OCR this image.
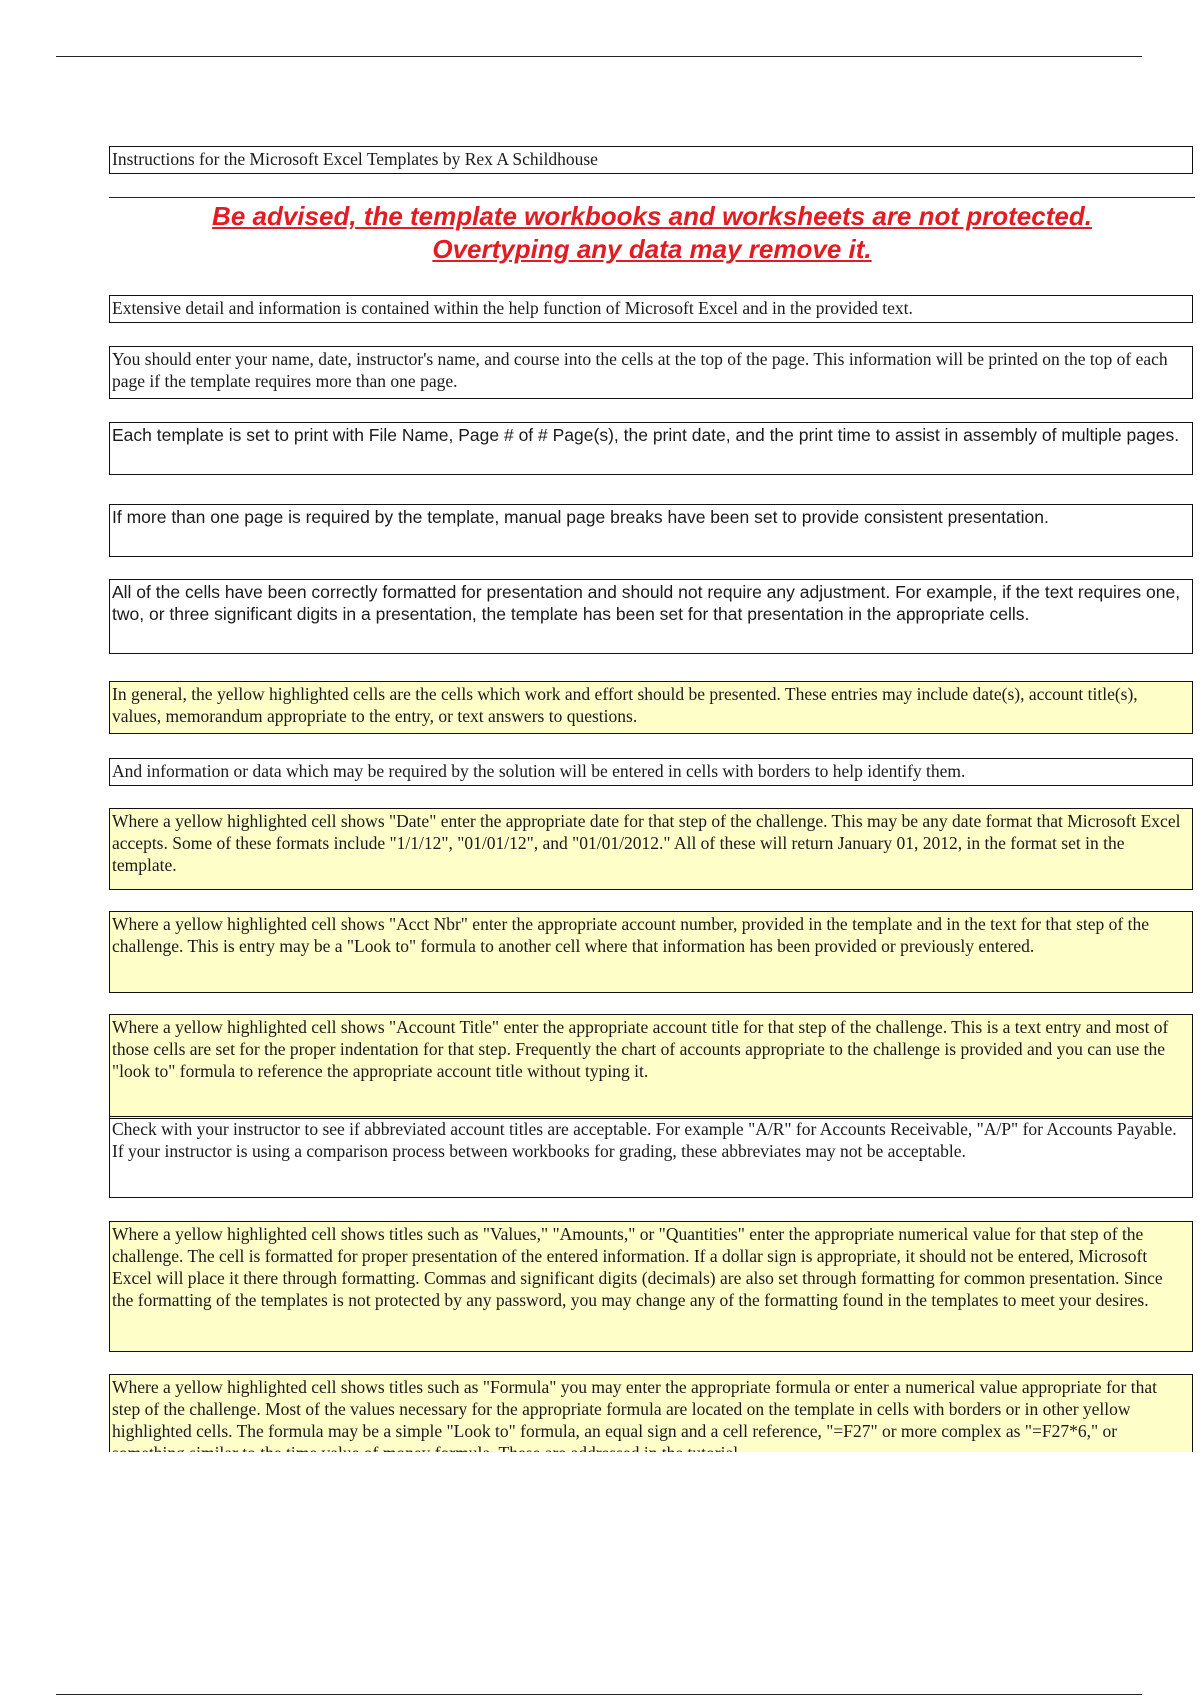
Instructions for the Microsoft Excel Templates by Rex A Schildhouse
Be advised, the template workbooks and worksheets are not protected.
Overtyping any data may remove it.
Extensive detail and information is contained within the help function of Microsoft Excel and in the provided text.
You should enter your name, date, instructor's name, and course into the cells at the top of the page. This information will be printed on the top of each page if the template requires more than one page.
Each template is set to print with File Name, Page # of # Page(s), the print date, and the print time to assist in assembly of multiple pages.
If more than one page is required by the template, manual page breaks have been set to provide consistent presentation.
All of the cells have been correctly formatted for presentation and should not require any adjustment. For example, if the text requires one, two, or three significant digits in a presentation, the template has been set for that presentation in the appropriate cells.
In general, the yellow highlighted cells are the cells which work and effort should be presented. These entries may include date(s), account title(s), values, memorandum appropriate to the entry, or text answers to questions.
And information or data which may be required by the solution will be entered in cells with borders to help identify them.
Where a yellow highlighted cell shows "Date" enter the appropriate date for that step of the challenge. This may be any date format that Microsoft Excel accepts. Some of these formats include "1/1/12", "01/01/12", and "01/01/2012." All of these will return January 01, 2012, in the format set in the template.
Where a yellow highlighted cell shows "Acct Nbr" enter the appropriate account number, provided in the template and in the text for that step of the challenge. This is entry may be a "Look to" formula to another cell where that information has been provided or previously entered.
Where a yellow highlighted cell shows "Account Title" enter the appropriate account title for that step of the challenge. This is a text entry and most of those cells are set for the proper indentation for that step. Frequently the chart of accounts appropriate to the challenge is provided and you can use the "look to" formula to reference the appropriate account title without typing it.
Check with your instructor to see if abbreviated account titles are acceptable. For example "A/R" for Accounts Receivable, "A/P" for Accounts Payable. If your instructor is using a comparison process between workbooks for grading, these abbreviates may not be acceptable.
Where a yellow highlighted cell shows titles such as "Values," "Amounts," or "Quantities" enter the appropriate numerical value for that step of the challenge. The cell is formatted for proper presentation of the entered information. If a dollar sign is appropriate, it should not be entered, Microsoft Excel will place it there through formatting. Commas and significant digits (decimals) are also set through formatting for common presentation. Since the formatting of the templates is not protected by any password, you may change any of the formatting found in the templates to meet your desires.
Where a yellow highlighted cell shows titles such as "Formula" you may enter the appropriate formula or enter a numerical value appropriate for that step of the challenge. Most of the values necessary for the appropriate formula are located on the template in cells with borders or in other yellow highlighted cells. The formula may be a simple "Look to" formula, an equal sign and a cell reference, "=F27" or more complex as "=F27*6," or
